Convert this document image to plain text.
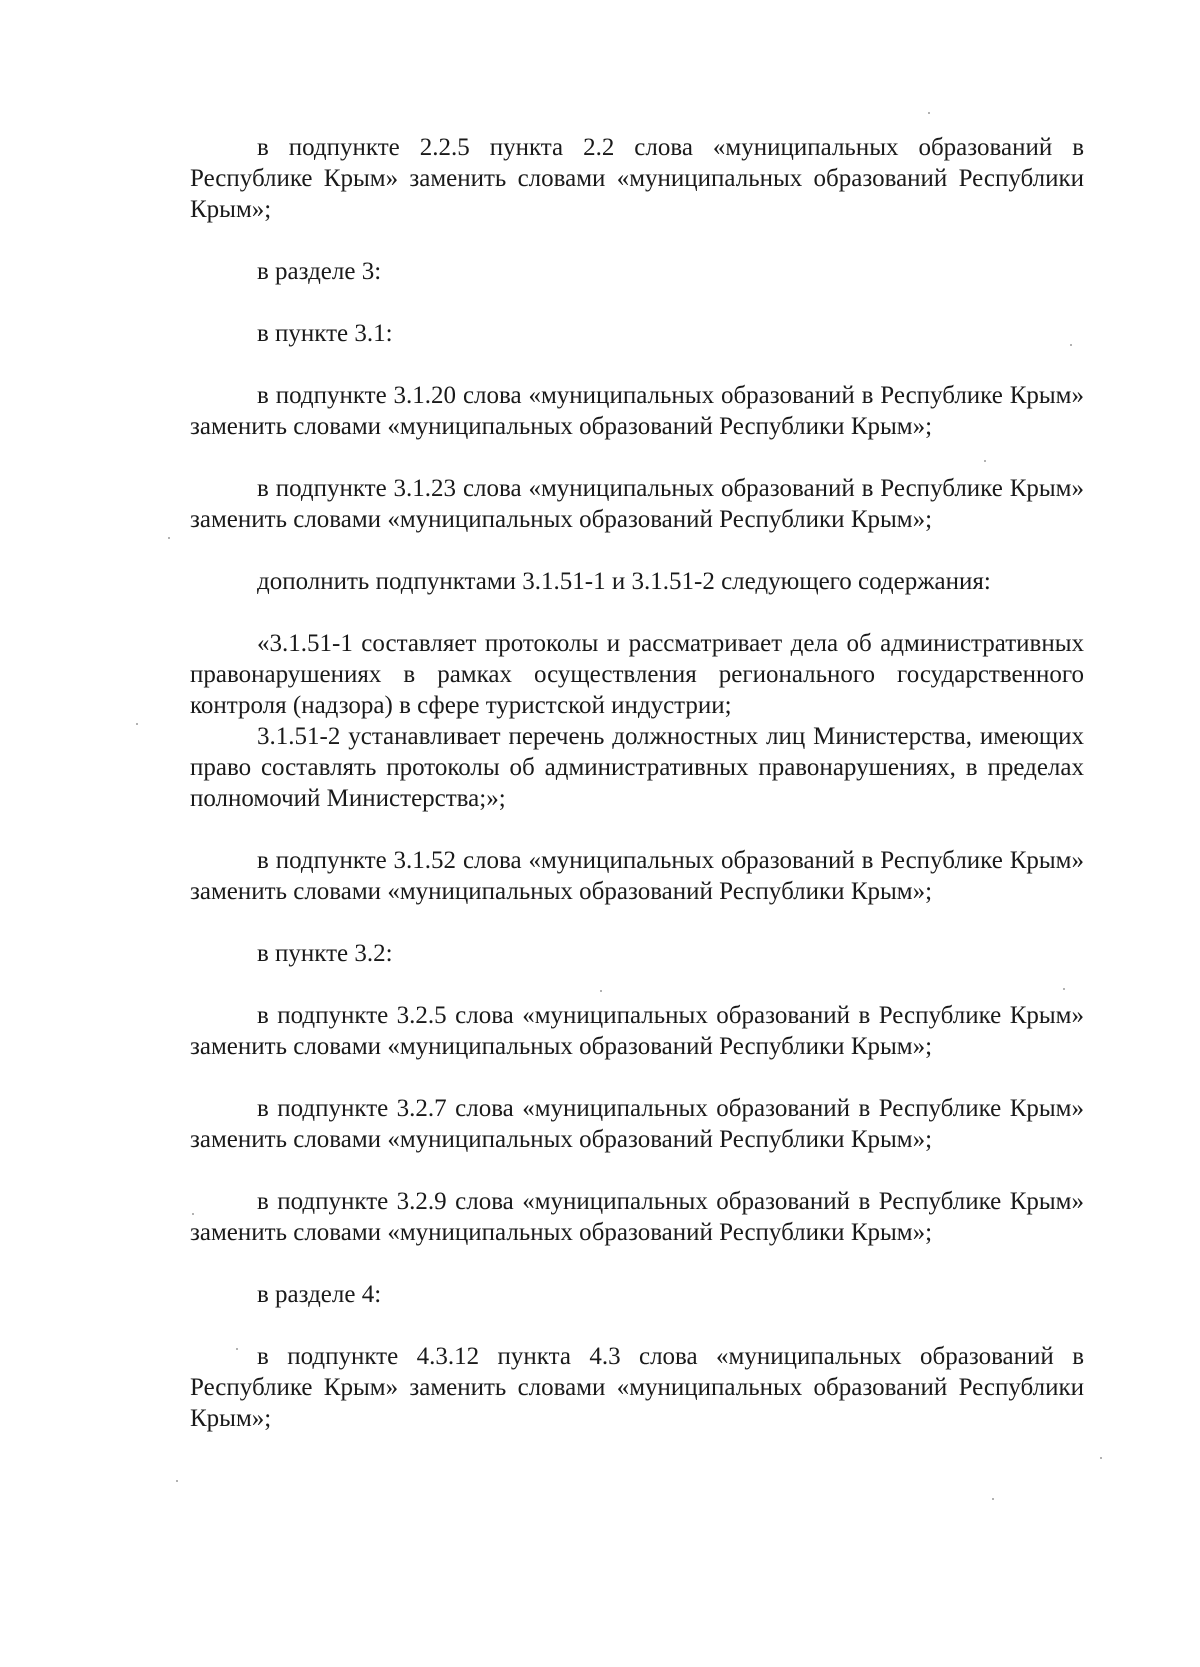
в подпункте 2.2.5 пункта 2.2 слова «муниципальных образований в Республике Крым» заменить словами «муниципальных образований Республики Крым»;

в разделе 3:

в пункте 3.1:

в подпункте 3.1.20 слова «муниципальных образований в Республике Крым» заменить словами «муниципальных образований Республики Крым»;

в подпункте 3.1.23 слова «муниципальных образований в Республике Крым» заменить словами «муниципальных образований Республики Крым»;

дополнить подпунктами 3.1.51-1 и 3.1.51-2 следующего содержания:

«3.1.51-1 составляет протоколы и рассматривает дела об административных правонарушениях в рамках осуществления регионального государственного контроля (надзора) в сфере туристской индустрии;

3.1.51-2 устанавливает перечень должностных лиц Министерства, имеющих право составлять протоколы об административных правонарушениях, в пределах полномочий Министерства;»;

в подпункте 3.1.52 слова «муниципальных образований в Республике Крым» заменить словами «муниципальных образований Республики Крым»;

в пункте 3.2:

в подпункте 3.2.5 слова «муниципальных образований в Республике Крым» заменить словами «муниципальных образований Республики Крым»;

в подпункте 3.2.7 слова «муниципальных образований в Республике Крым» заменить словами «муниципальных образований Республики Крым»;

в подпункте 3.2.9 слова «муниципальных образований в Республике Крым» заменить словами «муниципальных образований Республики Крым»;

в разделе 4:

в подпункте 4.3.12 пункта 4.3 слова «муниципальных образований в Республике Крым» заменить словами «муниципальных образований Республики Крым»;
